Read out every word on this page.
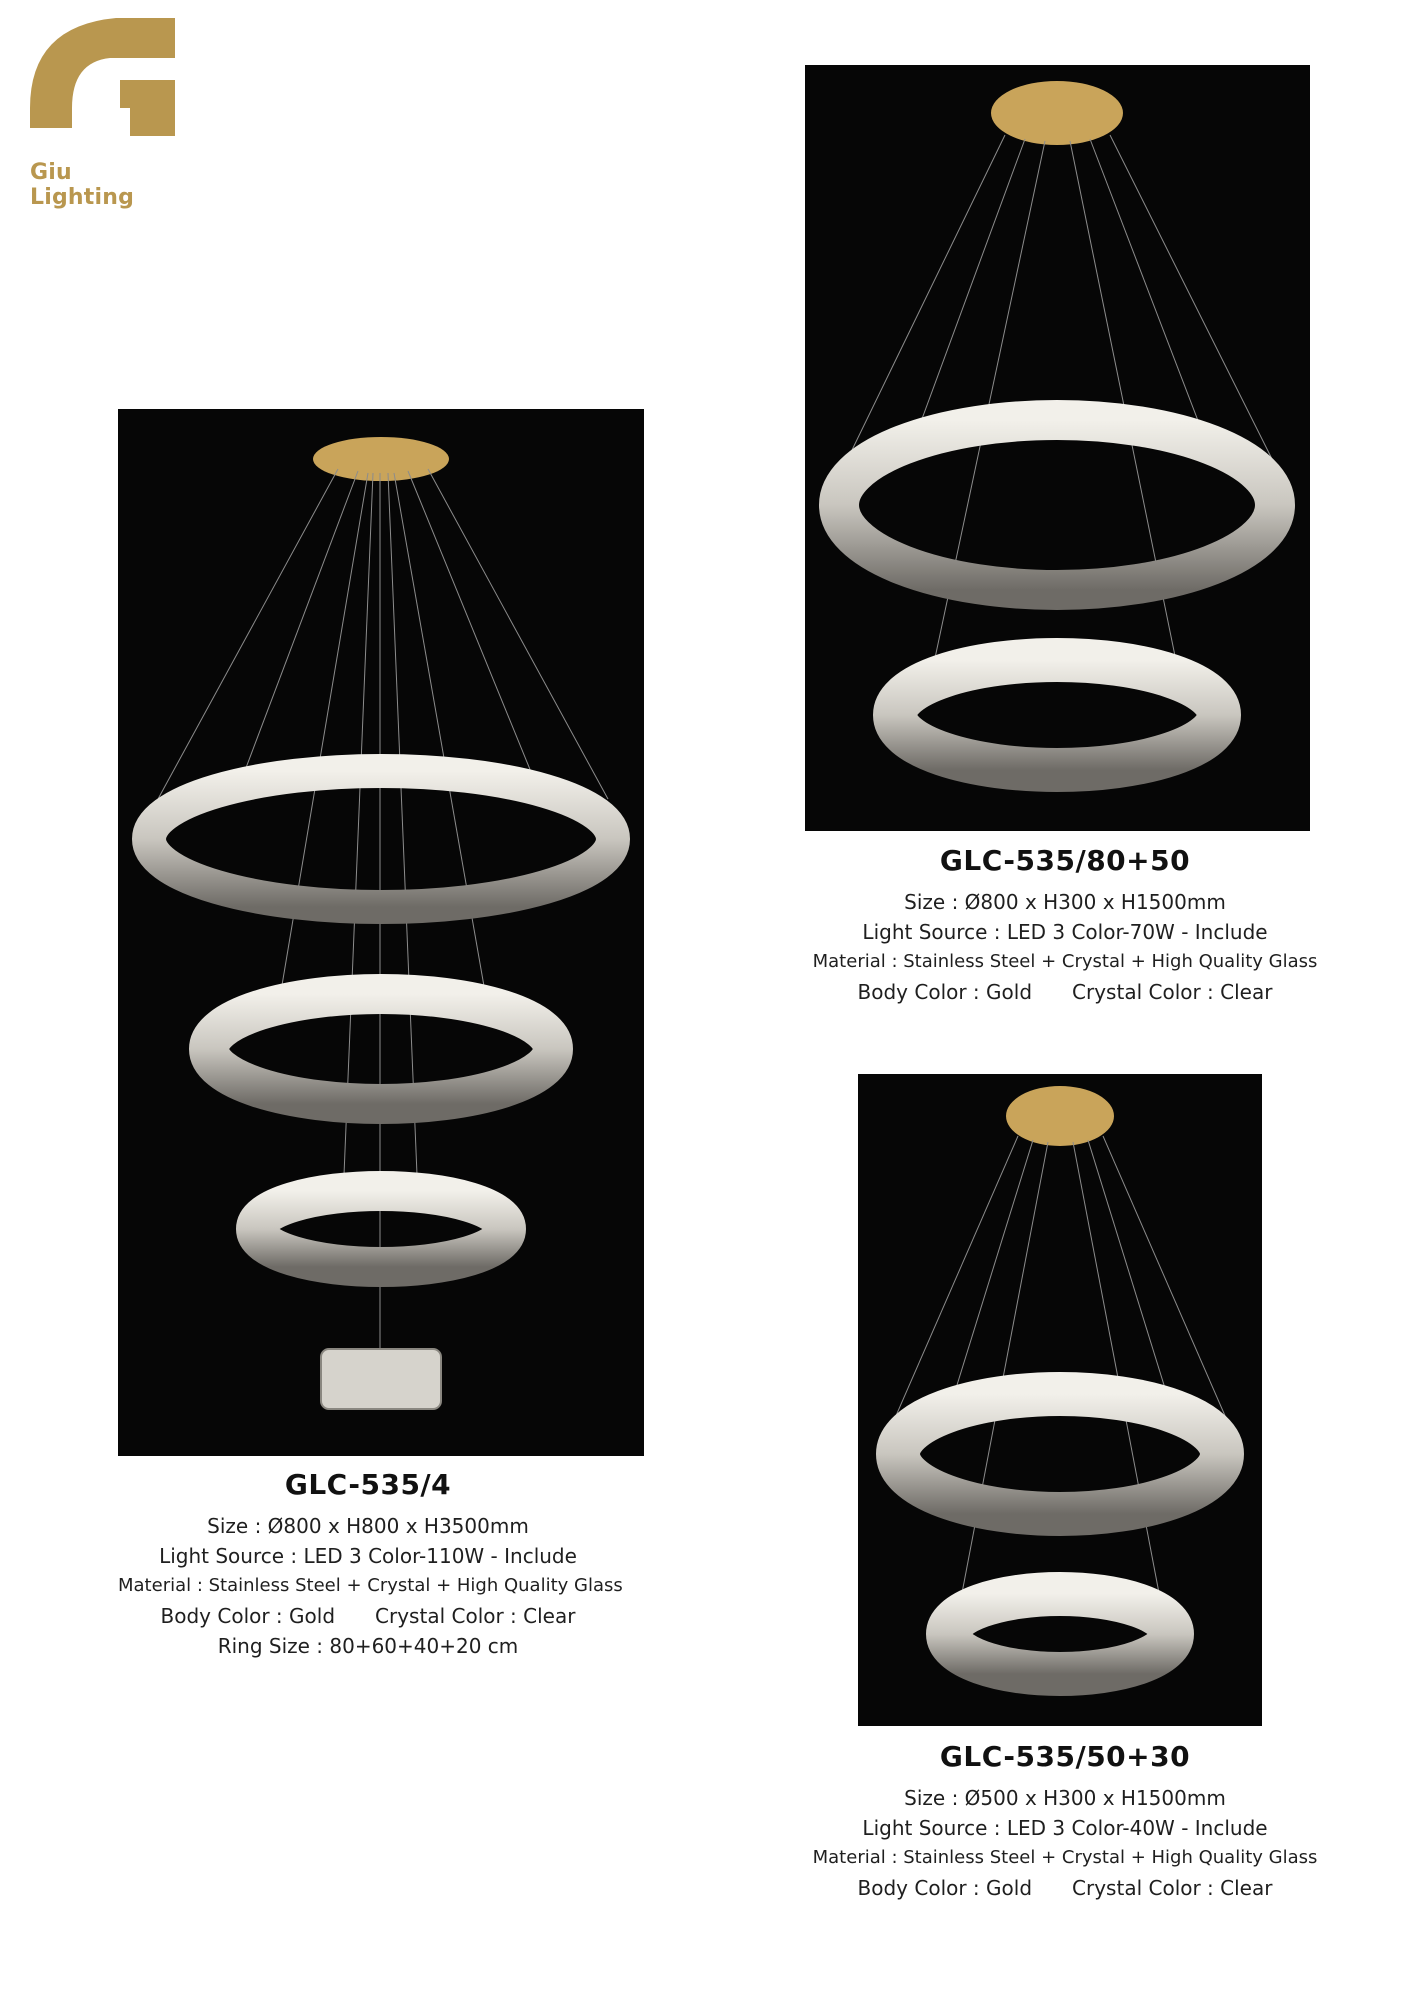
Giu Lighting
GLC-535/4
Size : Ø800 x H800 x H3500mm
Light Source : LED 3 Color-110W - Include
Material : Stainless Steel + Crystal + High Quality Glass
Body Color : Gold Crystal Color : Clear
Ring Size : 80+60+40+20 cm
GLC-535/80+50
Size : Ø800 x H300 x H1500mm
Light Source : LED 3 Color-70W - Include
Material : Stainless Steel + Crystal + High Quality Glass
Body Color : Gold Crystal Color : Clear
GLC-535/50+30
Size : Ø500 x H300 x H1500mm
Light Source : LED 3 Color-40W - Include
Material : Stainless Steel + Crystal + High Quality Glass
Body Color : Gold Crystal Color : Clear
